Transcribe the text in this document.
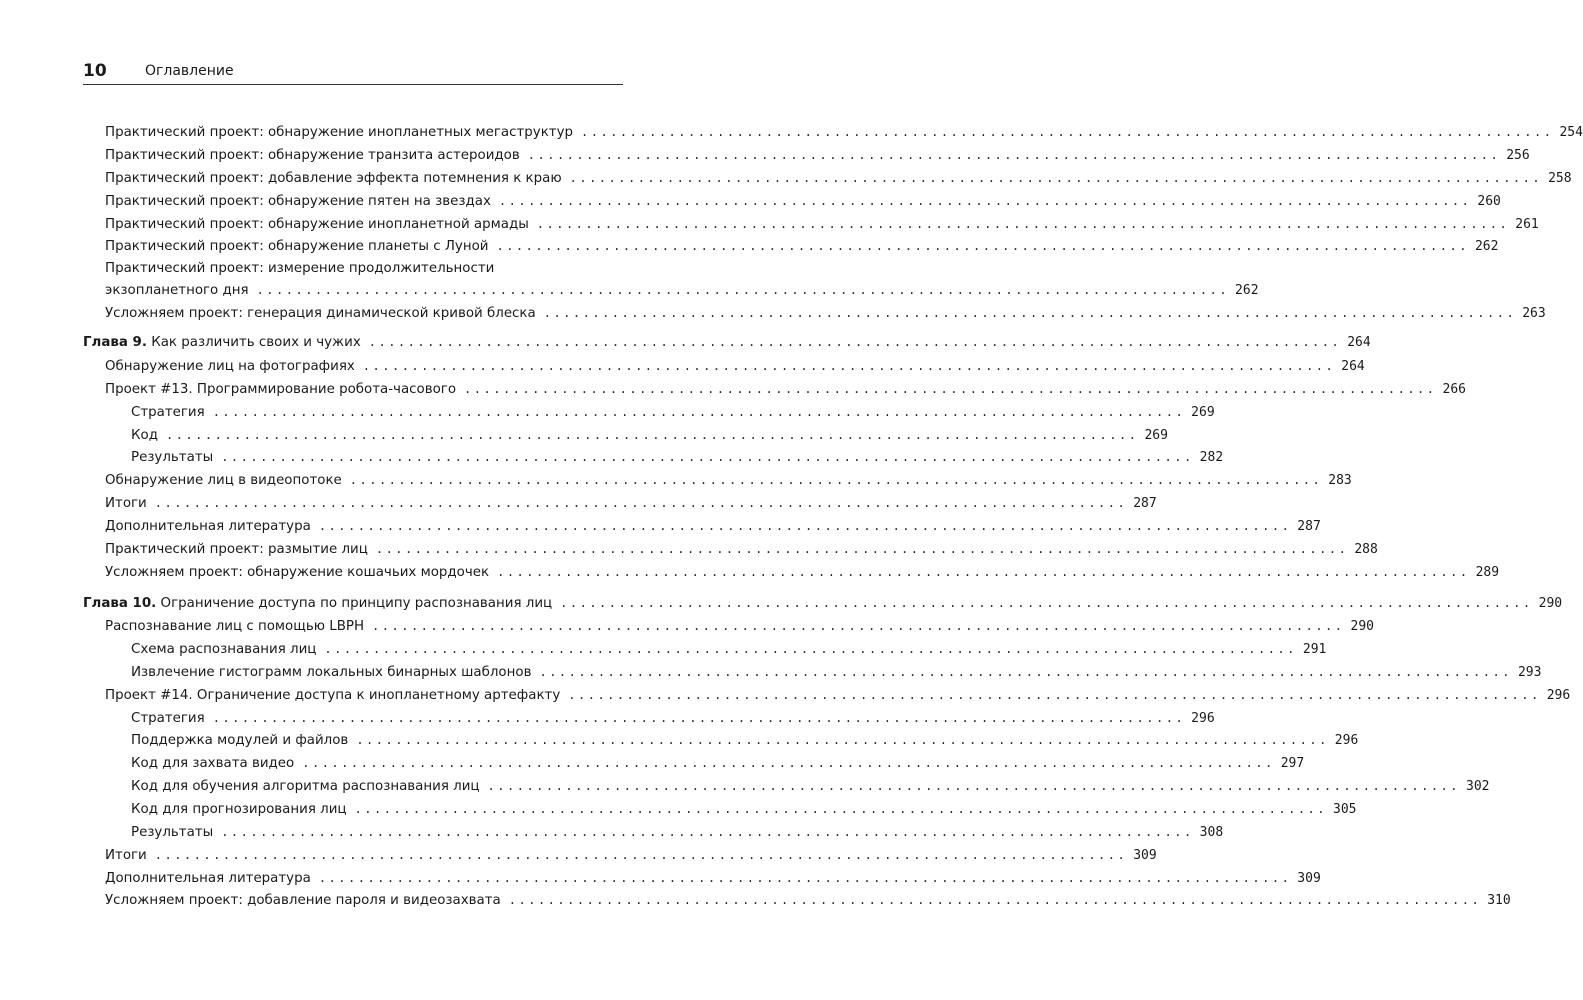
10	Оглавление
Практический проект: обнаружение инопланетных мегаструктур .................................................................................................... 254
Практический проект: обнаружение транзита астероидов .................................................................................................... 256
Практический проект: добавление эффекта потемнения к краю .................................................................................................... 258
Практический проект: обнаружение пятен на звездах .................................................................................................... 260
Практический проект: обнаружение инопланетной армады .................................................................................................... 261
Практический проект: обнаружение планеты с Луной .................................................................................................... 262
Практический проект: измерение продолжительности
экзопланетного дня .................................................................................................... 262
Усложняем проект: генерация динамической кривой блеска .................................................................................................... 263
Глава 9. Как различить своих и чужих .................................................................................................... 264
Обнаружение лиц на фотографиях .................................................................................................... 264
Проект #13. Программирование робота-часового .................................................................................................... 266
Стратегия .................................................................................................... 269
Код .................................................................................................... 269
Результаты .................................................................................................... 282
Обнаружение лиц в видеопотоке .................................................................................................... 283
Итоги .................................................................................................... 287
Дополнительная литература .................................................................................................... 287
Практический проект: размытие лиц .................................................................................................... 288
Усложняем проект: обнаружение кошачьих мордочек .................................................................................................... 289
Глава 10. Ограничение доступа по принципу распознавания лиц .................................................................................................... 290
Распознавание лиц с помощью LBPH .................................................................................................... 290
Схема распознавания лиц .................................................................................................... 291
Извлечение гистограмм локальных бинарных шаблонов .................................................................................................... 293
Проект #14. Ограничение доступа к инопланетному артефакту .................................................................................................... 296
Стратегия .................................................................................................... 296
Поддержка модулей и файлов .................................................................................................... 296
Код для захвата видео .................................................................................................... 297
Код для обучения алгоритма распознавания лиц .................................................................................................... 302
Код для прогнозирования лиц .................................................................................................... 305
Результаты .................................................................................................... 308
Итоги .................................................................................................... 309
Дополнительная литература .................................................................................................... 309
Усложняем проект: добавление пароля и видеозахвата .................................................................................................... 310
